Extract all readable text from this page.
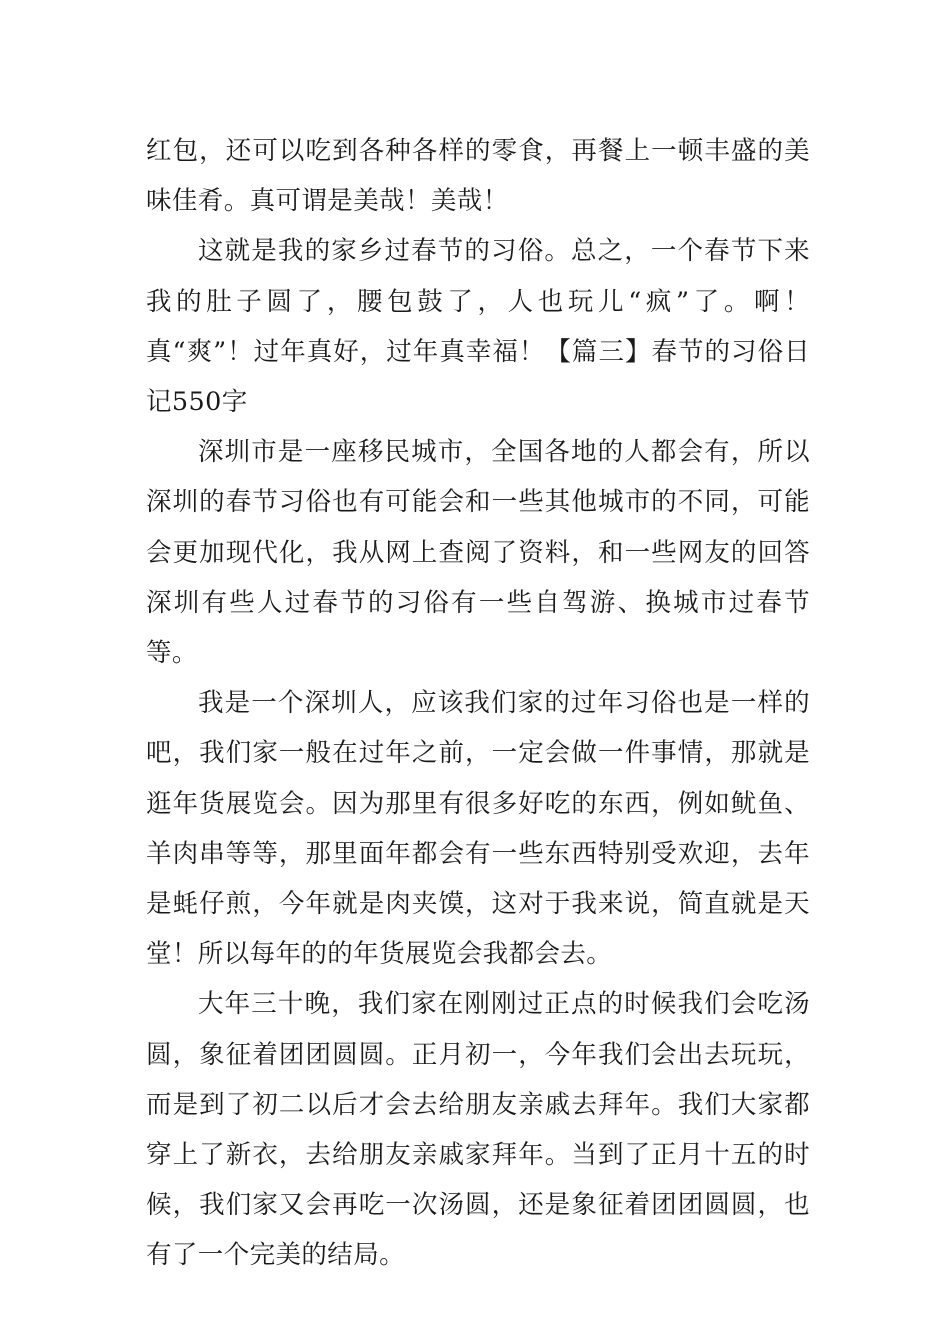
红包，还可以吃到各种各样的零食，再餐上一顿丰盛的美味佳肴。真可谓是美哉！美哉！

这就是我的家乡过春节的习俗。总之，一个春节下来我的肚子圆了，腰包鼓了，人也玩儿“疯”了。啊！真“爽”！过年真好，过年真幸福！【篇三】春节的习俗日记550字

深圳市是一座移民城市，全国各地的人都会有，所以深圳的春节习俗也有可能会和一些其他城市的不同，可能会更加现代化，我从网上查阅了资料，和一些网友的回答深圳有些人过春节的习俗有一些自驾游、换城市过春节等。

我是一个深圳人，应该我们家的过年习俗也是一样的吧，我们家一般在过年之前，一定会做一件事情，那就是逛年货展览会。因为那里有很多好吃的东西，例如鱿鱼、羊肉串等等，那里面年都会有一些东西特别受欢迎，去年是蚝仔煎，今年就是肉夹馍，这对于我来说，简直就是天堂！所以每年的的年货展览会我都会去。

大年三十晚，我们家在刚刚过正点的时候我们会吃汤圆，象征着团团圆圆。正月初一，今年我们会出去玩玩，而是到了初二以后才会去给朋友亲戚去拜年。我们大家都穿上了新衣，去给朋友亲戚家拜年。当到了正月十五的时候，我们家又会再吃一次汤圆，还是象征着团团圆圆，也有了一个完美的结局。
